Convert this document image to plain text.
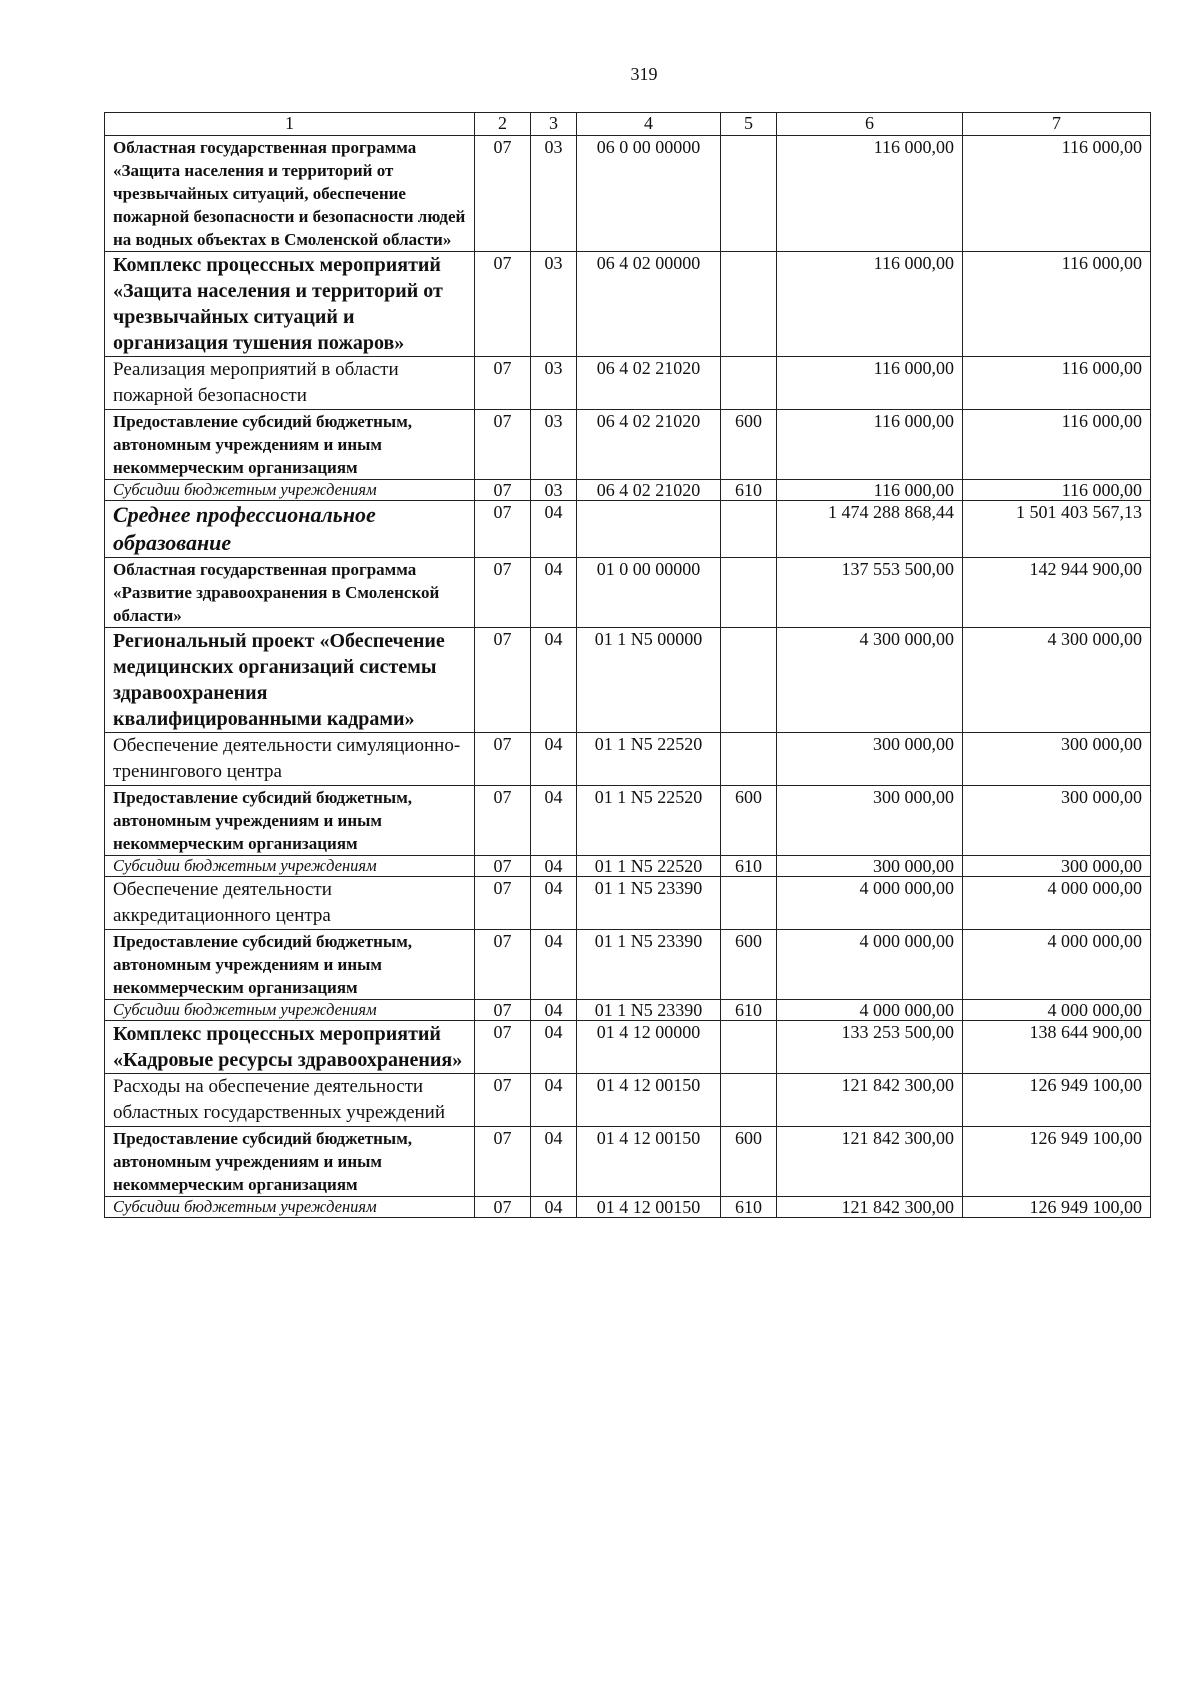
319
1	2	3	4	5	6	7
Областная государственная программа «Защита населения и территорий от чрезвычайных ситуаций, обеспечение пожарной безопасности и безопасности людей на водных объектах в Смоленской области»	07	03	06 0 00 00000		116 000,00	116 000,00
Комплекс процессных мероприятий «Защита населения и территорий от чрезвычайных ситуаций и организация тушения пожаров»	07	03	06 4 02 00000		116 000,00	116 000,00
Реализация мероприятий в области пожарной безопасности	07	03	06 4 02 21020		116 000,00	116 000,00
Предоставление субсидий бюджетным, автономным учреждениям и иным некоммерческим организациям	07	03	06 4 02 21020	600	116 000,00	116 000,00
Субсидии бюджетным учреждениям	07	03	06 4 02 21020	610	116 000,00	116 000,00
Среднее профессиональное образование	07	04			1 474 288 868,44	1 501 403 567,13
Областная государственная программа «Развитие здравоохранения в Смоленской области»	07	04	01 0 00 00000		137 553 500,00	142 944 900,00
Региональный проект «Обеспечение медицинских организаций системы здравоохранения квалифицированными кадрами»	07	04	01 1 N5 00000		4 300 000,00	4 300 000,00
Обеспечение деятельности симуляционно-тренингового центра	07	04	01 1 N5 22520		300 000,00	300 000,00
Предоставление субсидий бюджетным, автономным учреждениям и иным некоммерческим организациям	07	04	01 1 N5 22520	600	300 000,00	300 000,00
Субсидии бюджетным учреждениям	07	04	01 1 N5 22520	610	300 000,00	300 000,00
Обеспечение деятельности аккредитационного центра	07	04	01 1 N5 23390		4 000 000,00	4 000 000,00
Предоставление субсидий бюджетным, автономным учреждениям и иным некоммерческим организациям	07	04	01 1 N5 23390	600	4 000 000,00	4 000 000,00
Субсидии бюджетным учреждениям	07	04	01 1 N5 23390	610	4 000 000,00	4 000 000,00
Комплекс процессных мероприятий «Кадровые ресурсы здравоохранения»	07	04	01 4 12 00000		133 253 500,00	138 644 900,00
Расходы на обеспечение деятельности областных государственных учреждений	07	04	01 4 12 00150		121 842 300,00	126 949 100,00
Предоставление субсидий бюджетным, автономным учреждениям и иным некоммерческим организациям	07	04	01 4 12 00150	600	121 842 300,00	126 949 100,00
Субсидии бюджетным учреждениям	07	04	01 4 12 00150	610	121 842 300,00	126 949 100,00
